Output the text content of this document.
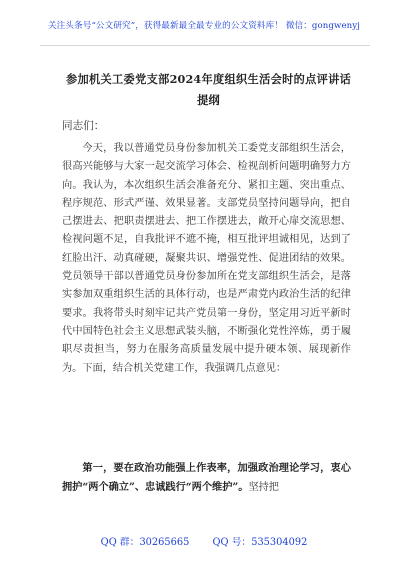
关注头条号“公文研究”，获得最新最全最专业的公文资料库！ 微信：gongwenyj
参加机关工委党支部2024年度组织生活会时的点评讲话提纲
同志们：

今天，我以普通党员身份参加机关工委党支部组织生活会，很高兴能够与大家一起交流学习体会、检视剖析问题明确努力方向。我认为，本次组织生活会准备充分、紧扣主题、突出重点、程序规范、形式严谨、效果显著。支部党员坚持问题导向，把自己摆进去、把职责摆进去、把工作摆进去，敞开心扉交流思想、检视问题不足，自我批评不遮不掩，相互批评坦诚相见，达到了红脸出汗、动真碰硬，凝聚共识、增强党性、促进团结的效果。党员领导干部以普通党员身份参加所在党支部组织生活会，是落实参加双重组织生活的具体行动，也是严肃党内政治生活的纪律要求。我将带头时刻牢记共产党员第一身份，坚定用习近平新时代中国特色社会主义思想武装头脑，不断强化党性淬炼，勇于履职尽责担当，努力在服务高质量发展中提升硬本领、展现新作为。下面，结合机关党建工作，我强调几点意见：

第一，要在政治功能强上作表率，加强政治理论学习，衷心拥护“两个确立”、忠诚践行“两个维护”。坚持把
QQ 群：30265665 QQ 号：535304092
